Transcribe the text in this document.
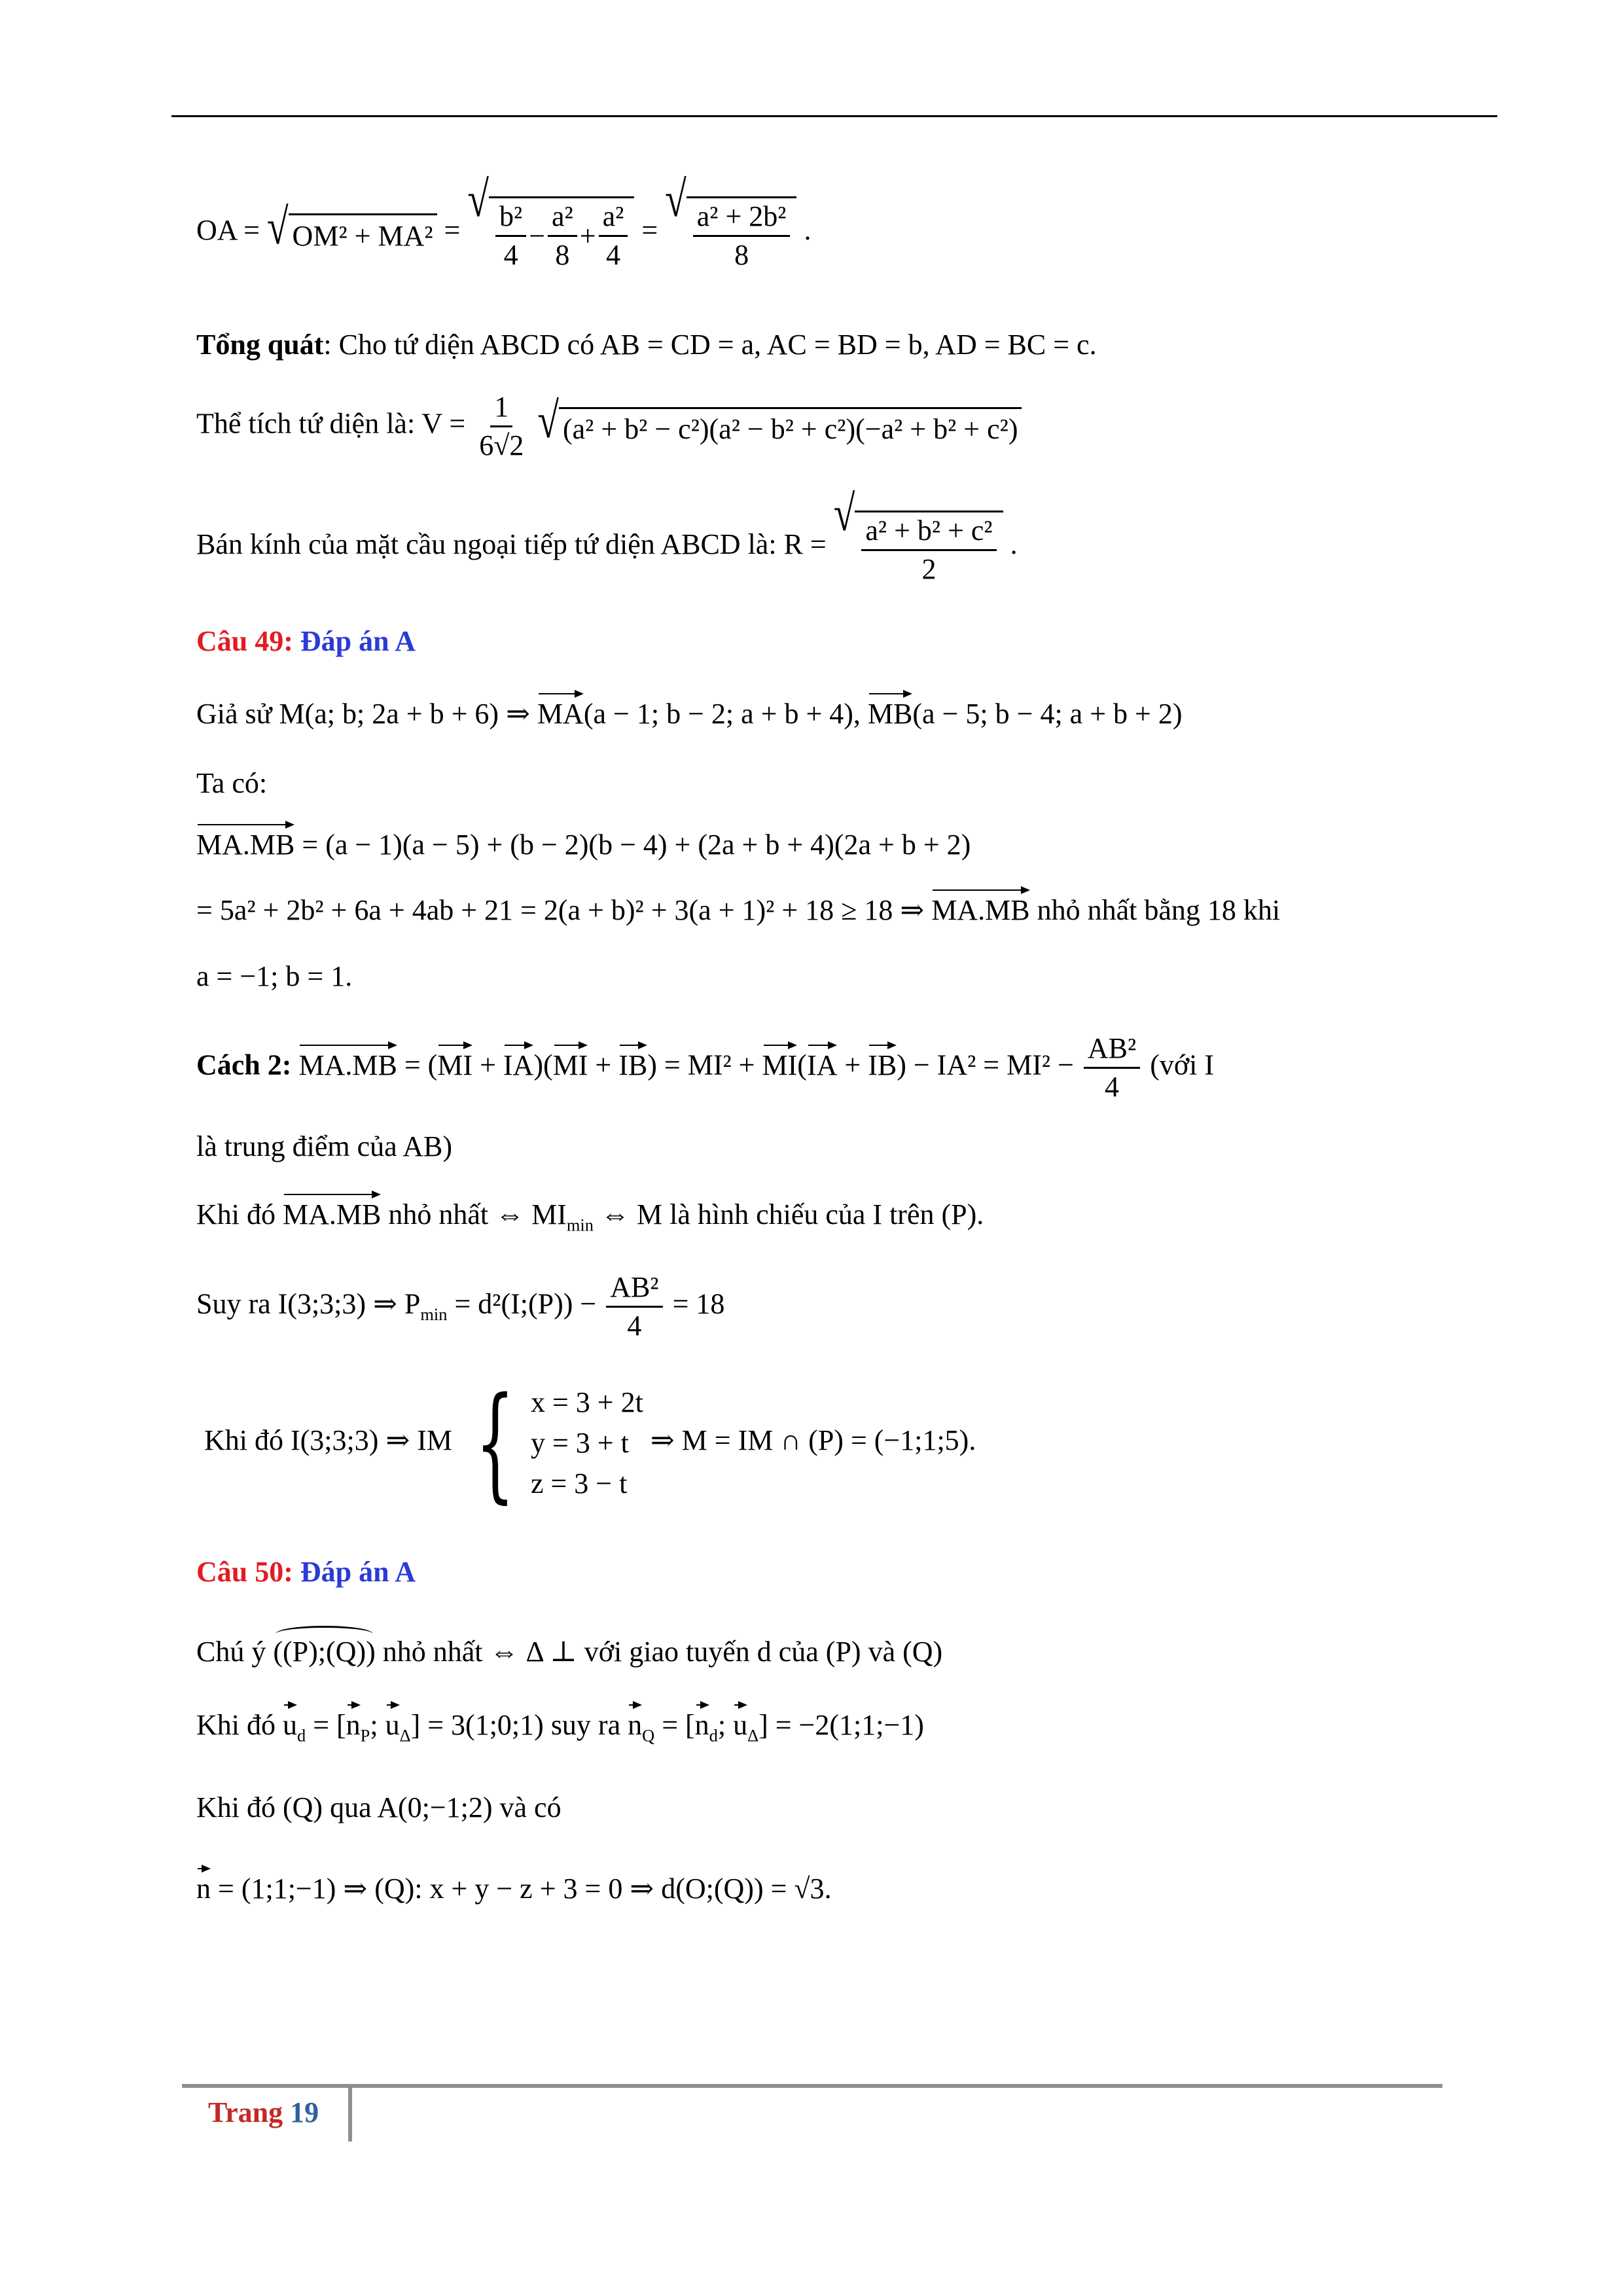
OA = √ OM² + MA² =
√
$\frac{\text{b²}}{4} - \frac{\text{a²}}{8} + \frac{\text{a²}}{4}$ =
√
$\frac{\text{a² + 2b²}}{8}$ .
Tổng quát: Cho tứ diện ABCD có AB = CD = a, AC = BD = b, AD = BC = c.
Thể tích tứ diện là: $V = \frac{1}{6√2}$
√ (a² + b² − c²)(a² − b² + c²)(−a² + b² + c²)
Bán kính của mặt cầu ngoại tiếp tứ diện ABCD là: R =
√
$\frac{\text{a² + b² + c²}}{2}$ .
Câu 49: Đáp án A
Giả sử M(a; b; 2a + b + 6) ⇒ MA(a − 1; b − 2; a + b + 4), MB(a − 5; b − 4; a + b + 2)
Ta có:
MA.MB = (a − 1)(a − 5) + (b − 2)(b − 4) + (2a + b + 4)(2a + b + 2)
= 5a² + 2b² + 6a + 4ab + 21 = 2(a + b)² + 3(a + 1)² + 18 ≥ 18 ⇒ MA.MB nhỏ nhất bằng 18 khi
a = −1; b = 1.
Cách 2: $MA.MB = (MI + IA)(MI + IB) = MI^2 + MI(IA + IB) - IA^2 = MI^2 - \frac{\text{AB²}}{4}$ (với I
là trung điểm của AB)
Khi đó MA.MB nhỏ nhất ⇔ $MI_{min}$ ⇔ M là hình chiếu của I trên (P).
Suy ra I(3;3;3) ⇒ $P_{min}$ = d²(I;(P)) − $\frac{\text{AB²}}{4} = 18$
Khi đó I(3;3;3) ⇒ IM { x = 3 + 2t
y = 3 + t
z = 3 − t
⇒ M = IM ∩ (P) = (−1;1;5).
Câu 50: Đáp án A
Chú ý ((P);(Q)) nhỏ nhất ⇔ Δ ⊥ với giao tuyến d của (P) và (Q)
Khi đó $u_d = [n_P$; $u_\Delta$] = 3(1;0;1) suy ra $n_Q = [n_d$; $u_\Delta$] = −2(1;1;−1)
Khi đó (Q) qua A(0;−1;2) và có
n = (1;1;−1) ⇒ (Q): x + y − z + 3 = 0 ⇒ d(O;(Q)) = √3.
Trang 19
